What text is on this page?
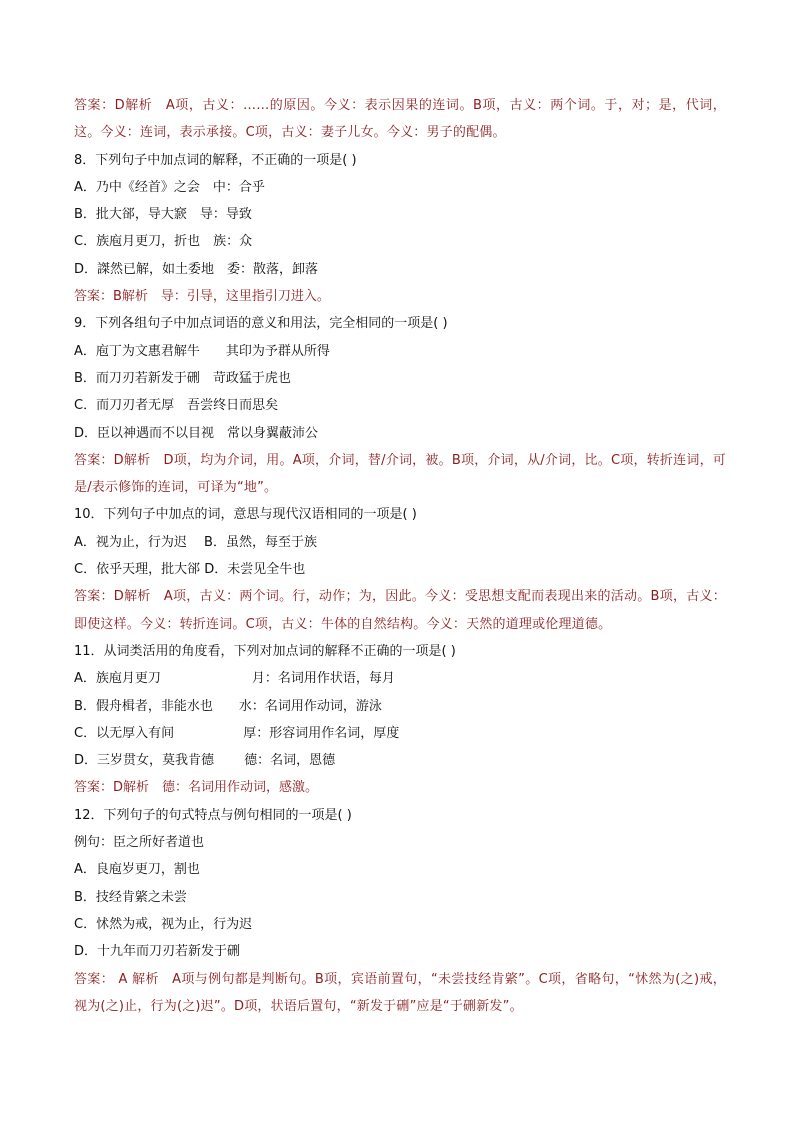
答案：D解析　A项，古义：……的原因。今义：表示因果的连词。B项，古义：两个词。于，对；是，代词，这。今义：连词，表示承接。C项，古义：妻子儿女。今义：男子的配偶。
8．下列句子中加点词的解释，不正确的一项是( )
A．乃中《经首》之会　中：合乎
B．批大郤，导大窾　导：导致
C．族庖月更刀，折也　族：众
D．謋然已解，如土委地　委：散落，卸落
答案：B解析　导：引导，这里指引刀进入。
9．下列各组句子中加点词语的意义和用法，完全相同的一项是( )
A．庖丁为文惠君解牛　　其印为予群从所得
B．而刀刃若新发于硎　苛政猛于虎也
C．而刀刃者无厚　吾尝终日而思矣
D．臣以神遇而不以目视　常以身翼蔽沛公
答案：D解析　D项，均为介词，用。A项，介词，替/介词，被。B项，介词，从/介词，比。C项，转折连词，可是/表示修饰的连词，可译为“地”。
10．下列句子中加点的词，意思与现代汉语相同的一项是( )
A．视为止，行为迟　 B．虽然，每至于族
C．依乎天理，批大郤 D．未尝见全牛也
答案：D解析　A项，古义：两个词。行，动作；为，因此。今义：受思想支配而表现出来的活动。B项，古义：即使这样。今义：转折连词。C项，古义：牛体的自然结构。今义：天然的道理或伦理道德。
11．从词类活用的角度看，下列对加点词的解释不正确的一项是( )
A．族庖月更刀　　　　　　　月：名词用作状语，每月
B．假舟楫者，非能水也　　水：名词用作动词，游泳
C．以无厚入有间　　　　　 厚：形容词用作名词，厚度
D．三岁贯女，莫我肯德　　 德：名词，恩德
答案：D解析　德：名词用作动词，感激。
12．下列句子的句式特点与例句相同的一项是( )
例句：臣之所好者道也
A．良庖岁更刀，割也
B．技经肯綮之未尝
C．怵然为戒，视为止，行为迟
D．十九年而刀刃若新发于硎
答案： A 解析　A项与例句都是判断句。B项，宾语前置句，“未尝技经肯綮”。C项，省略句，“怵然为(之)戒，视为(之)止，行为(之)迟”。D项，状语后置句，“新发于硎”应是“于硎新发”。
